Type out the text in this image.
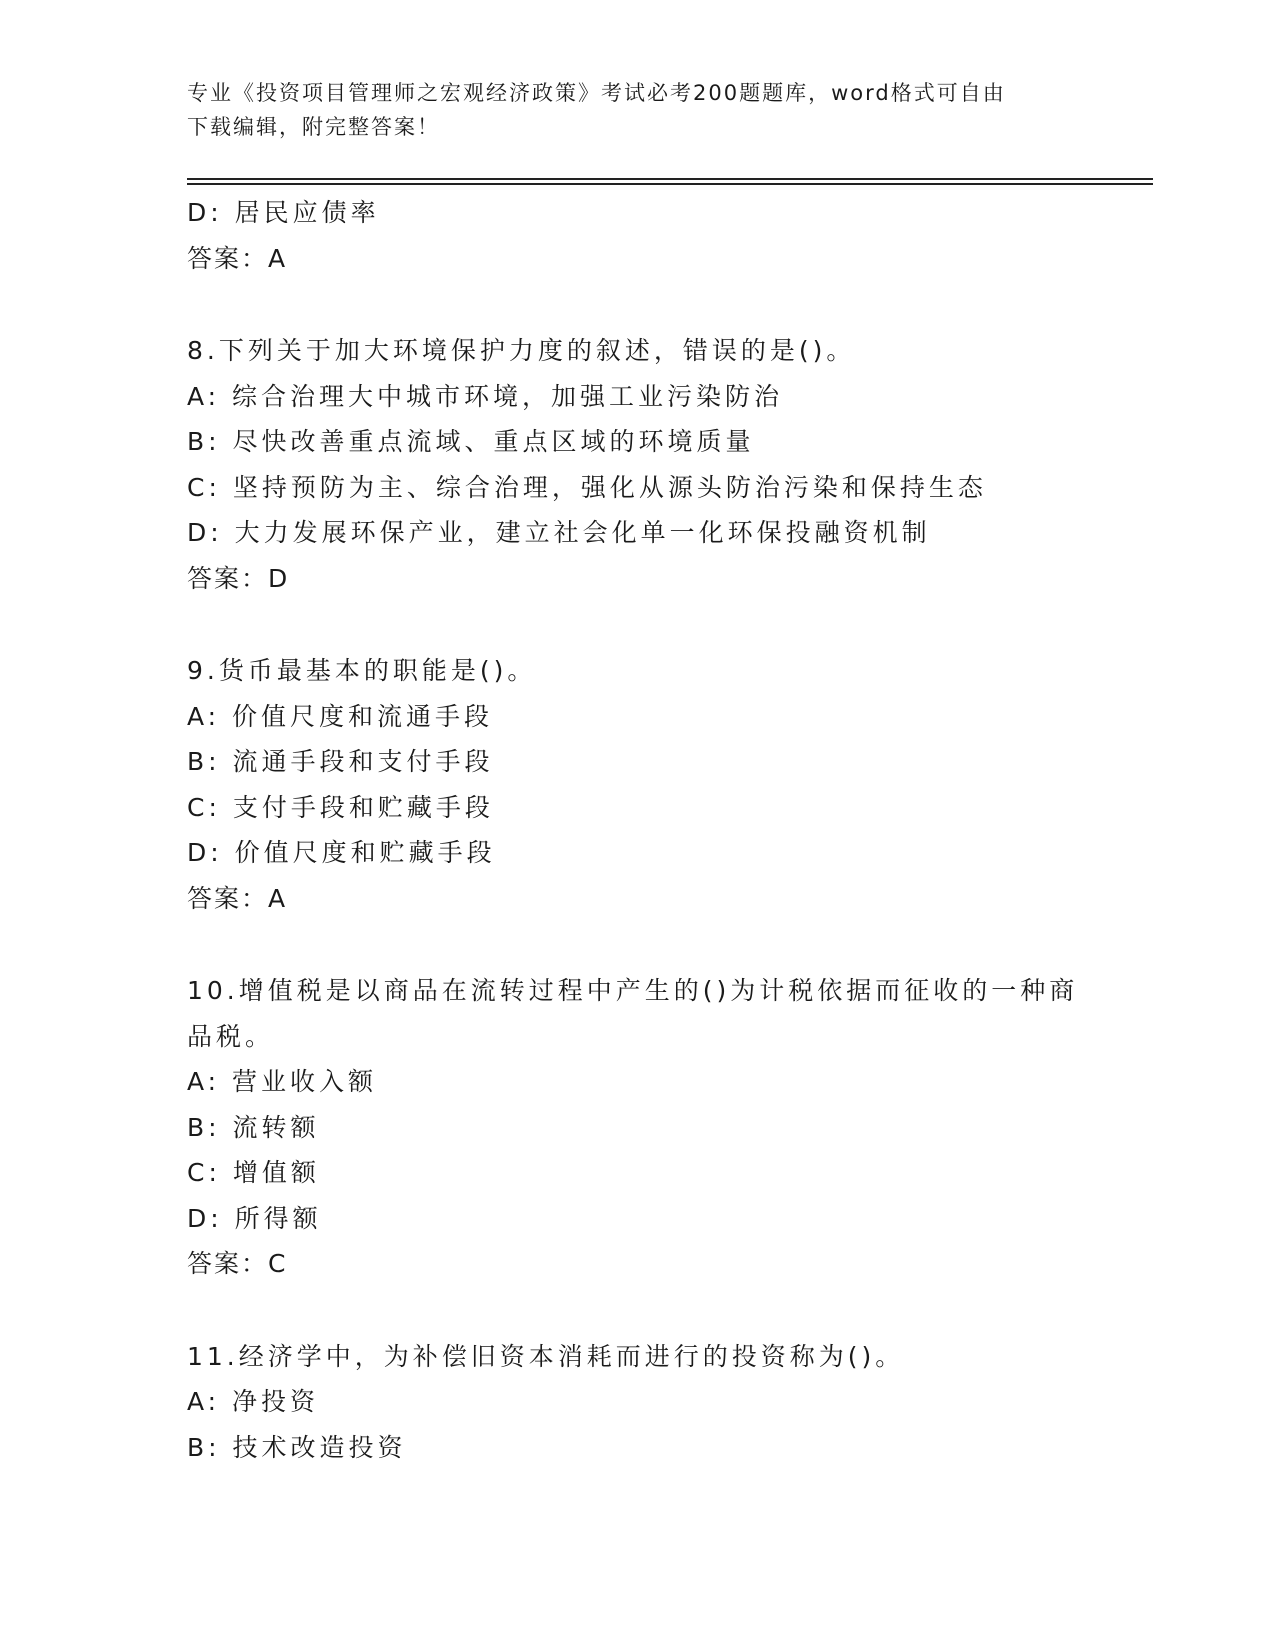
专业《投资项目管理师之宏观经济政策》考试必考200题题库，word格式可自由
下载编辑，附完整答案！
D: 居民应债率
答案：A
8.下列关于加大环境保护力度的叙述，错误的是()。
A: 综合治理大中城市环境，加强工业污染防治
B: 尽快改善重点流域、重点区域的环境质量
C: 坚持预防为主、综合治理，强化从源头防治污染和保持生态
D: 大力发展环保产业，建立社会化单一化环保投融资机制
答案：D
9.货币最基本的职能是()。
A: 价值尺度和流通手段
B: 流通手段和支付手段
C: 支付手段和贮藏手段
D: 价值尺度和贮藏手段
答案：A
10.增值税是以商品在流转过程中产生的()为计税依据而征收的一种商
品税。
A: 营业收入额
B: 流转额
C: 增值额
D: 所得额
答案：C
11.经济学中，为补偿旧资本消耗而进行的投资称为()。
A: 净投资
B: 技术改造投资
